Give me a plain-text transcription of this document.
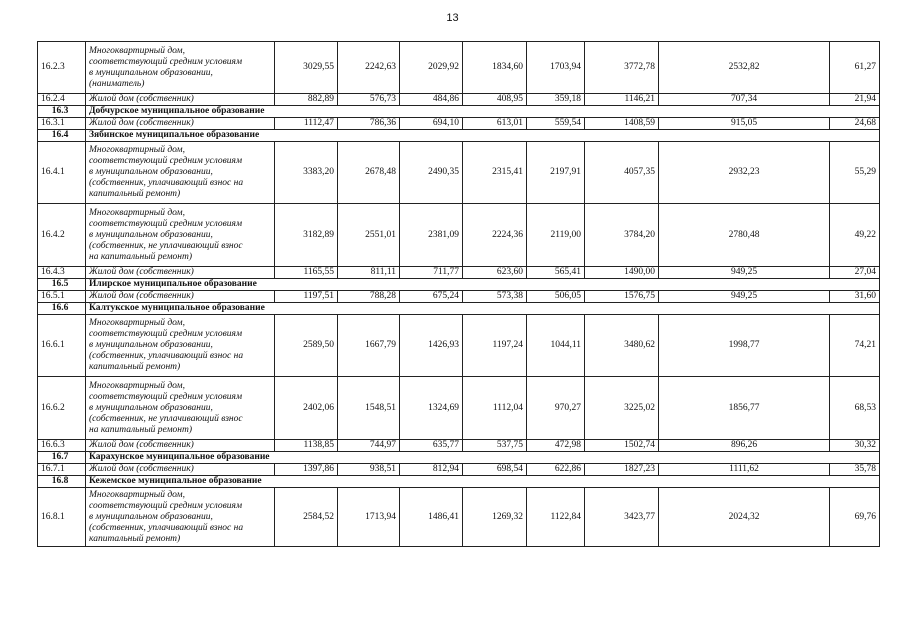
13
16.2.3	Многоквартирный дом,
соответствующий средним условиям
в муниципальном образовании,
(наниматель)	3029,55	2242,63	2029,92	1834,60	1703,94	3772,78	2532,82	61,27
16.2.4	Жилой дом (собственник)	882,89	576,73	484,86	408,95	359,18	1146,21	707,34	21,94
16.3	Добчурское муниципальное образование								
16.3.1	Жилой дом (собственник)	1112,47	786,36	694,10	613,01	559,54	1408,59	915,05	24,68
16.4	Зябинское муниципальное образование								
16.4.1	Многоквартирный дом,
соответствующий средним условиям
в муниципальном образовании,
(собственник, уплачивающий взнос на
капитальный ремонт)	3383,20	2678,48	2490,35	2315,41	2197,91	4057,35	2932,23	55,29
16.4.2	Многоквартирный дом,
соответствующий средним условиям
в муниципальном образовании,
(собственник, не уплачивающий взнос
на капитальный ремонт)	3182,89	2551,01	2381,09	2224,36	2119,00	3784,20	2780,48	49,22
16.4.3	Жилой дом (собственник)	1165,55	811,11	711,77	623,60	565,41	1490,00	949,25	27,04
16.5	Илирское муниципальное образование								
16.5.1	Жилой дом (собственник)	1197,51	788,28	675,24	573,38	506,05	1576,75	949,25	31,60
16.6	Калтукское муниципальное образование								
16.6.1	Многоквартирный дом,
соответствующий средним условиям
в муниципальном образовании,
(собственник, уплачивающий взнос на
капитальный ремонт)	2589,50	1667,79	1426,93	1197,24	1044,11	3480,62	1998,77	74,21
16.6.2	Многоквартирный дом,
соответствующий средним условиям
в муниципальном образовании,
(собственник, не уплачивающий взнос
на капитальный ремонт)	2402,06	1548,51	1324,69	1112,04	970,27	3225,02	1856,77	68,53
16.6.3	Жилой дом (собственник)	1138,85	744,97	635,77	537,75	472,98	1502,74	896,26	30,32
16.7	Карахунское муниципальное образование								
16.7.1	Жилой дом (собственник)	1397,86	938,51	812,94	698,54	622,86	1827,23	1111,62	35,78
16.8	Кежемское муниципальное образование								
16.8.1	Многоквартирный дом,
соответствующий средним условиям
в муниципальном образовании,
(собственник, уплачивающий взнос на
капитальный ремонт)	2584,52	1713,94	1486,41	1269,32	1122,84	3423,77	2024,32	69,76
